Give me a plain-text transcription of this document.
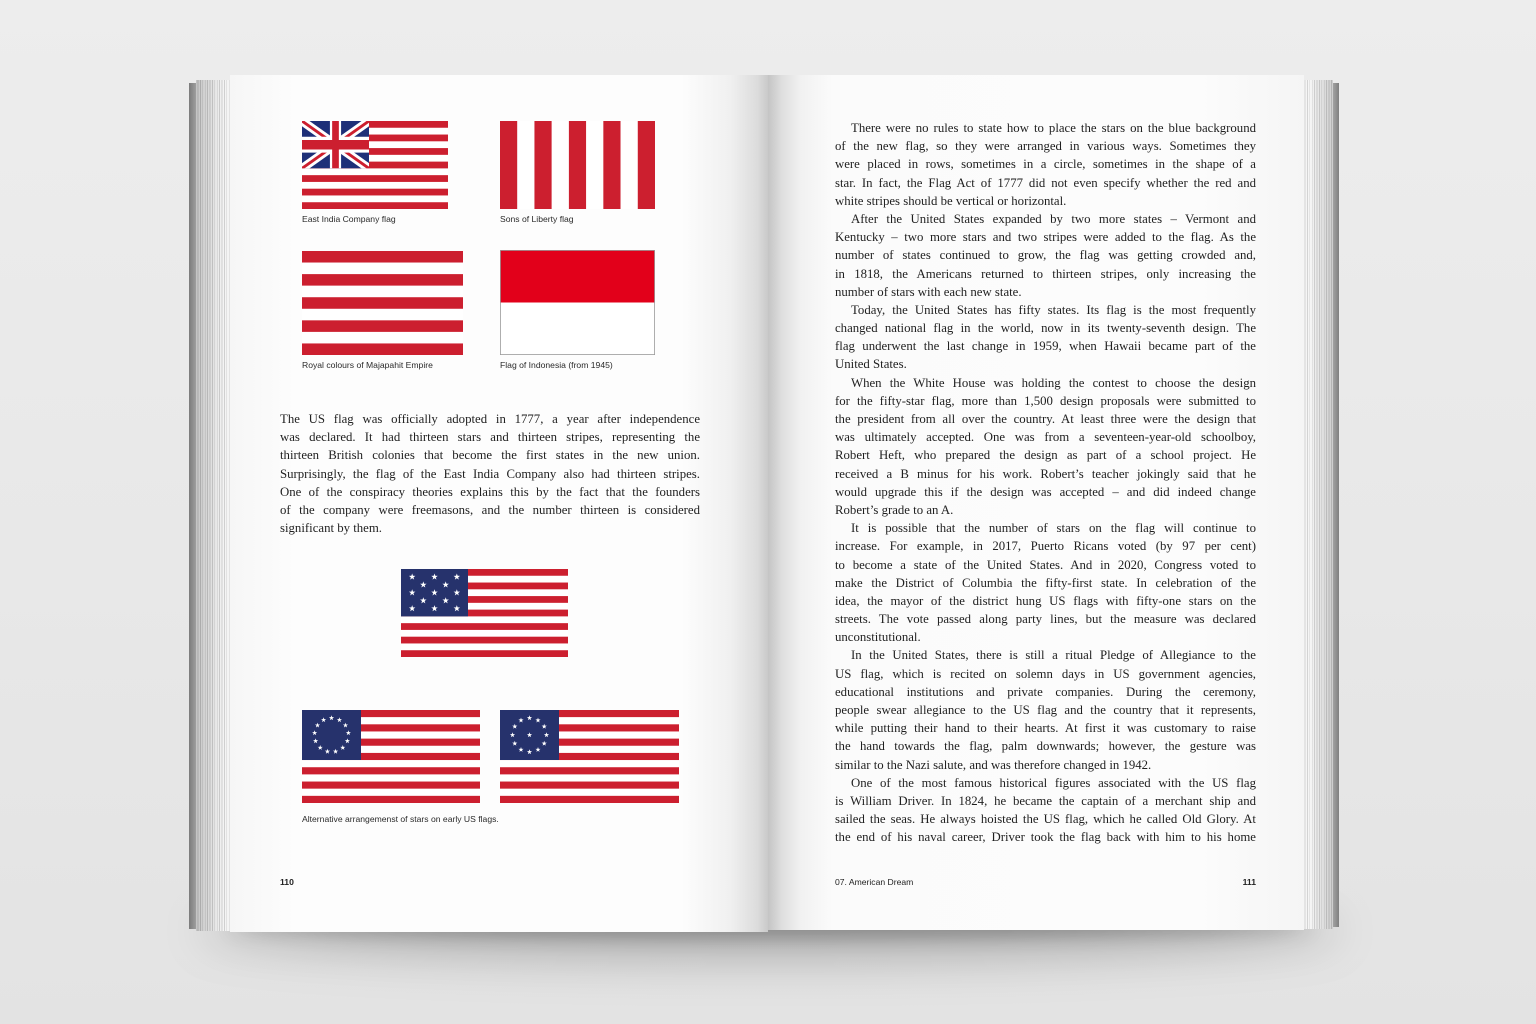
East India Company flag	Sons of Liberty flag
Royal colours of Majapahit Empire	Flag of Indonesia (from 1945)
The US flag was officially adopted in 1777, a year after independence
was declared. It had thirteen stars and thirteen stripes, representing the
thirteen British colonies that become the first states in the new union.
Surprisingly, the flag of the East India Company also had thirteen stripes.
One of the conspiracy theories explains this by the fact that the founders
of the company were freemasons, and the number thirteen is considered
significant by them.
Alternative arrangemenst of stars on early US flags.
110
There were no rules to state how to place the stars on the blue background
of the new flag, so they were arranged in various ways. Sometimes they
were placed in rows, sometimes in a circle, sometimes in the shape of a
star. In fact, the Flag Act of 1777 did not even specify whether the red and
white stripes should be vertical or horizontal.
After the United States expanded by two more states – Vermont and
Kentucky – two more stars and two stripes were added to the flag. As the
number of states continued to grow, the flag was getting crowded and,
in 1818, the Americans returned to thirteen stripes, only increasing the
number of stars with each new state.
Today, the United States has fifty states. Its flag is the most frequently
changed national flag in the world, now in its twenty-seventh design. The
flag underwent the last change in 1959, when Hawaii became part of the
United States.
When the White House was holding the contest to choose the design
for the fifty-star flag, more than 1,500 design proposals were submitted to
the president from all over the country. At least three were the design that
was ultimately accepted. One was from a seventeen-year-old schoolboy,
Robert Heft, who prepared the design as part of a school project. He
received a B minus for his work. Robert’s teacher jokingly said that he
would upgrade this if the design was accepted – and did indeed change
Robert’s grade to an A.
It is possible that the number of stars on the flag will continue to
increase. For example, in 2017, Puerto Ricans voted (by 97 per cent)
to become a state of the United States. And in 2020, Congress voted to
make the District of Columbia the fifty-first state. In celebration of the
idea, the mayor of the district hung US flags with fifty-one stars on the
streets. The vote passed along party lines, but the measure was declared
unconstitutional.
In the United States, there is still a ritual Pledge of Allegiance to the
US flag, which is recited on solemn days in US government agencies,
educational institutions and private companies. During the ceremony,
people swear allegiance to the US flag and the country that it represents,
while putting their hand to their hearts. At first it was customary to raise
the hand towards the flag, palm downwards; however, the gesture was
similar to the Nazi salute, and was therefore changed in 1942.
One of the most famous historical figures associated with the US flag
is William Driver. In 1824, he became the captain of a merchant ship and
sailed the seas. He always hoisted the US flag, which he called Old Glory. At
the end of his naval career, Driver took the flag back with him to his home
07. American Dream	111
